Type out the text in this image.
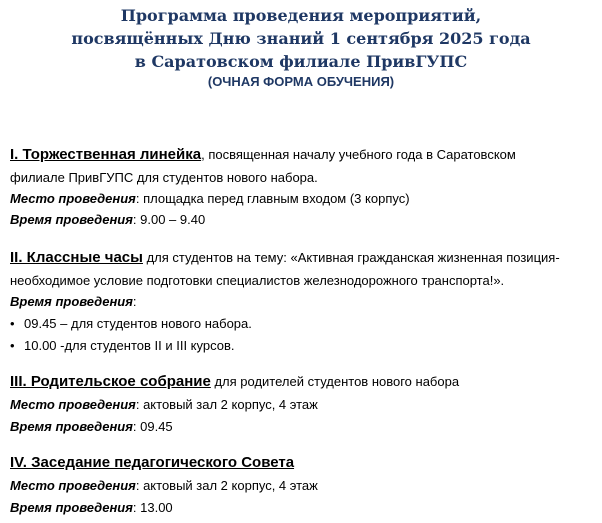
Программа проведения мероприятий,
посвящённых Дню знаний 1 сентября 2025 года
в Саратовском филиале ПривГУПС
(ОЧНАЯ ФОРМА ОБУЧЕНИЯ)
I. Торжественная линейка, посвященная началу учебного года в Саратовском
филиале ПривГУПС для студентов нового набора.
Место проведения: площадка перед главным входом (3 корпус)
Время проведения: 9.00 – 9.40
II. Классные часы для студентов на тему: «Активная гражданская жизненная позиция-
необходимое условие подготовки специалистов железнодорожного транспорта!».
Время проведения:
• 09.45 – для студентов нового набора.
• 10.00 -для студентов II и III курсов.
III. Родительское собрание для родителей студентов нового набора
Место проведения: актовый зал 2 корпус, 4 этаж
Время проведения: 09.45
IV. Заседание педагогического Совета
Место проведения: актовый зал 2 корпус, 4 этаж
Время проведения: 13.00
